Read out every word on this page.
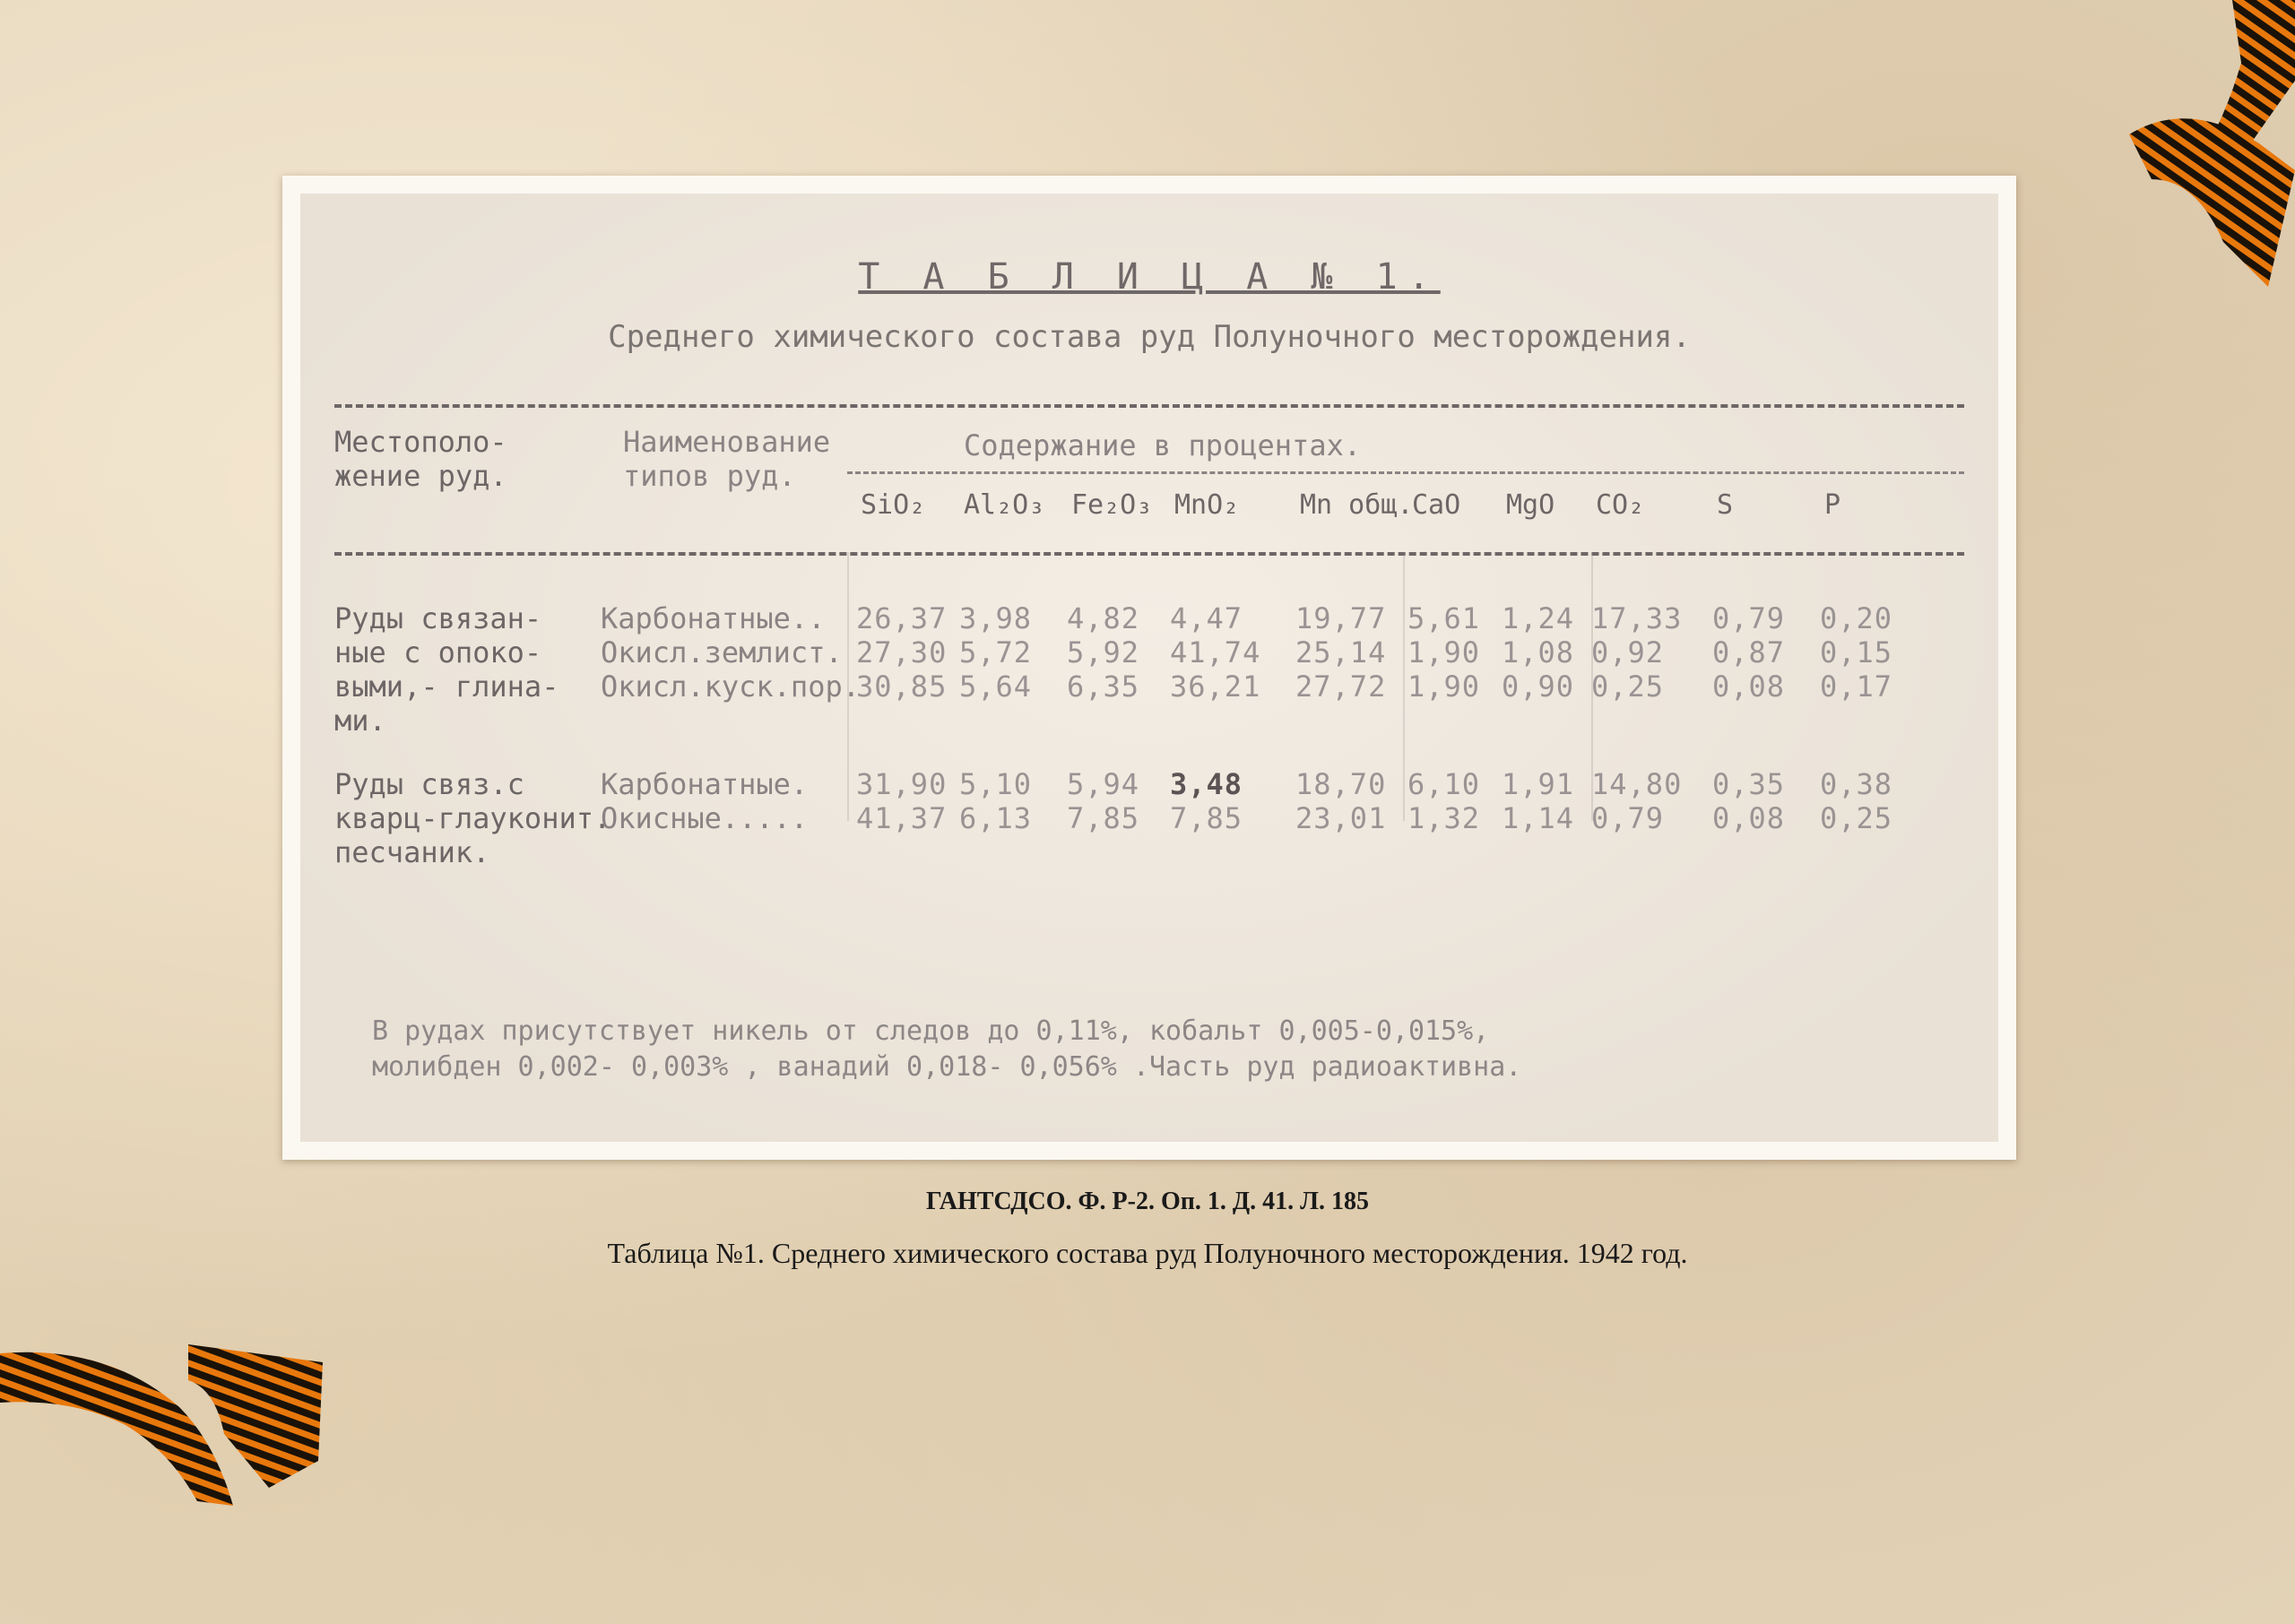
Т А Б Л И Ц А № 1.
Среднего химического состава руд Полуночного месторождения.
Местополо-
жение руд.
Наименование
типов руд.
Содержание в процентах.
SiO₂ Al₂O₃ Fe₂O₃ MnO₂ Mn общ.
CaO MgO CO₂	S	P
Руды связан-
ные с опоко-
выми,- глина-
ми.
Карбонатные.. 26,37 3,98 4,82 4,47 19,77 5,61 1,24 17,33 0,79 0,20
Окисл.землист. 27,30 5,72 5,92 41,74 25,14 1,90 1,08 0,92 0,87 0,15
Окисл.куск.пор.
30,85 5,64 6,35 36,21 27,72 1,90 0,90 0,25 0,08 0,17
Руды связ.с
кварц-глауконит.
песчаник.
Карбонатные. 31,90 5,10 5,94 3,48 18,70 6,10 1,91 14,80 0,35 0,38
Окисные..... 41,37 6,13 7,85 7,85 23,01 1,32 1,14 0,79 0,08 0,25
В рудах присутствует никель от следов до 0,11%, кобальт 0,005-0,015%,
молибден 0,002- 0,003% , ванадий 0,018- 0,056% .Часть руд радиоактивна.
ГАНТСДСО. Ф. Р-2. Оп. 1. Д. 41. Л. 185
Таблица №1. Среднего химического состава руд Полуночного месторождения. 1942 год.
